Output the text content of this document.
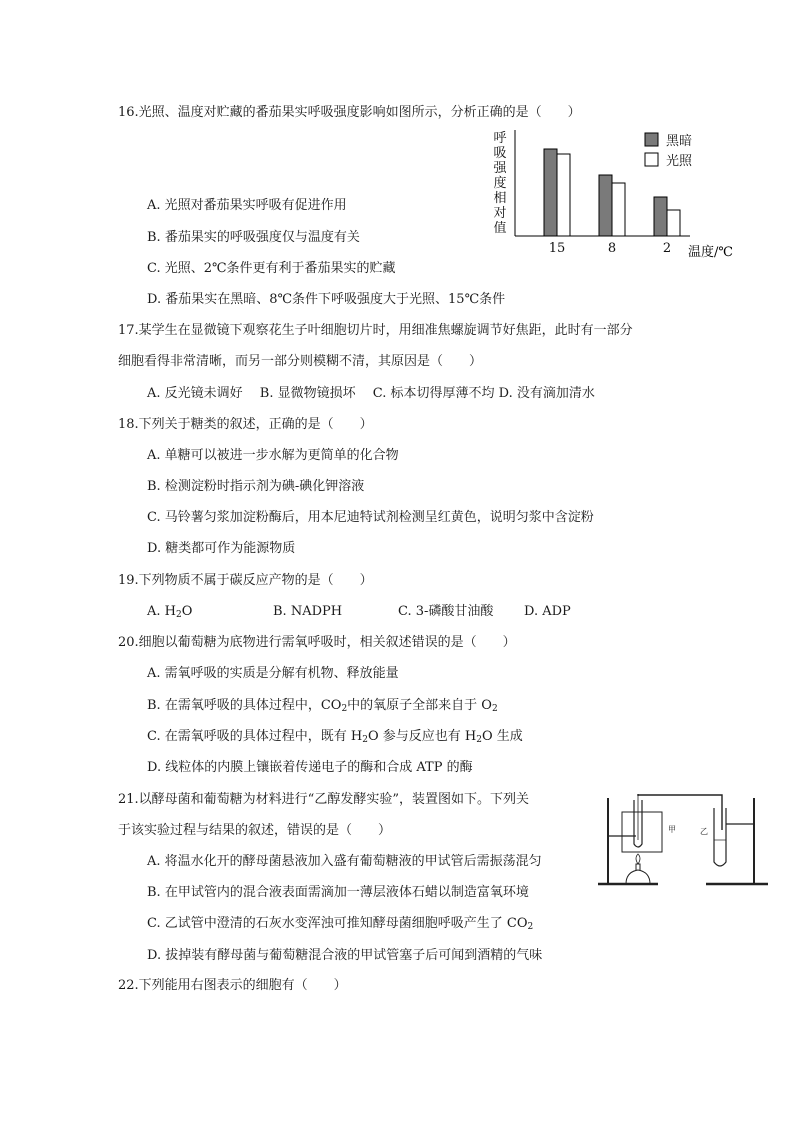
16.光照、温度对贮藏的番茄果实呼吸强度影响如图所示，分析正确的是（　　）
呼
吸
强
度
相
对
值
15	8	2 温度/℃
黑暗
光照
A. 光照对番茄果实呼吸有促进作用
B. 番茄果实的呼吸强度仅与温度有关
C. 光照、2℃条件更有利于番茄果实的贮藏
D. 番茄果实在黑暗、8℃条件下呼吸强度大于光照、15℃条件
17.某学生在显微镜下观察花生子叶细胞切片时，用细准焦螺旋调节好焦距，此时有一部分
细胞看得非常清晰，而另一部分则模糊不清，其原因是（　　）
A. 反光镜未调好　 B. 显微物镜损坏　 C. 标本切得厚薄不均 D. 没有滴加清水
18.下列关于糖类的叙述，正确的是（　　）
A. 单糖可以被进一步水解为更简单的化合物
B. 检测淀粉时指示剂为碘-碘化钾溶液
C. 马铃薯匀浆加淀粉酶后，用本尼迪特试剂检测呈红黄色，说明匀浆中含淀粉
D. 糖类都可作为能源物质
19.下列物质不属于碳反应产物的是（　　）
A. $H_2O$	B. NADPH	C. 3-磷酸甘油酸 D. ADP
20.细胞以葡萄糖为底物进行需氧呼吸时，相关叙述错误的是（　　）
A. 需氧呼吸的实质是分解有机物、释放能量
B. 在需氧呼吸的具体过程中，$CO_2$中的氧原子全部来自于 $O_2$
C. 在需氧呼吸的具体过程中，既有 $H_2O$ 参与反应也有 $H_2O$ 生成
D. 线粒体的内膜上镶嵌着传递电子的酶和合成 ATP 的酶
21.以酵母菌和葡萄糖为材料进行“乙醇发酵实验”，装置图如下。下列关
于该实验过程与结果的叙述，错误的是（　　）	甲	乙
A. 将温水化开的酵母菌悬液加入盛有葡萄糖液的甲试管后需振荡混匀
B. 在甲试管内的混合液表面需滴加一薄层液体石蜡以制造富氧环境
C. 乙试管中澄清的石灰水变浑浊可推知酵母菌细胞呼吸产生了 $CO_2$
D. 拔掉装有酵母菌与葡萄糖混合液的甲试管塞子后可闻到酒精的气味
22.下列能用右图表示的细胞有（　　）
